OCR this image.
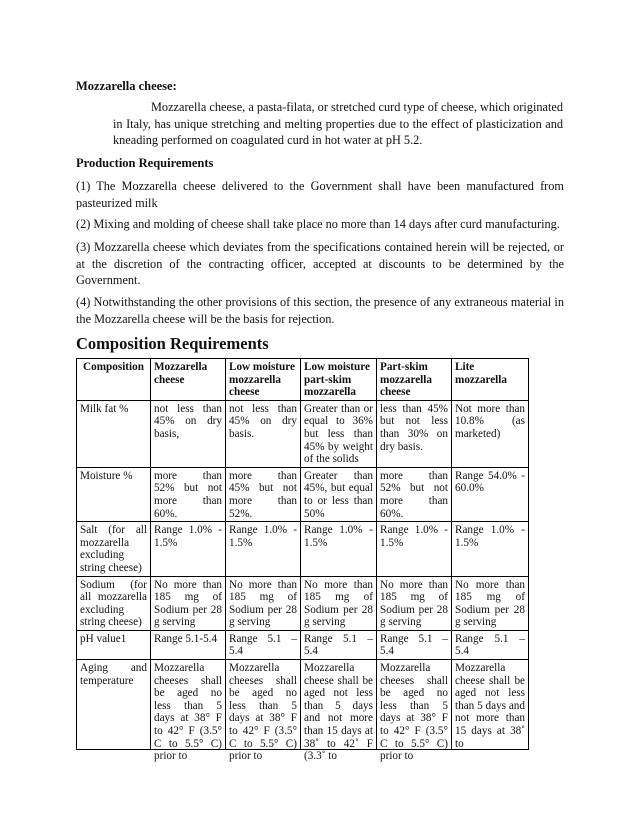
Mozzarella cheese:

Mozzarella cheese, a pasta-filata, or stretched curd type of cheese, which originated in Italy, has unique stretching and melting properties due to the effect of plasticization and kneading performed on coagulated curd in hot water at pH 5.2.

Production Requirements

(1) The Mozzarella cheese delivered to the Government shall have been manufactured from pasteurized milk

(2) Mixing and molding of cheese shall take place no more than 14 days after curd manufacturing.

(3) Mozzarella cheese which deviates from the specifications contained herein will be rejected, or at the discretion of the contracting officer, accepted at discounts to be determined by the Government.

(4) Notwithstanding the other provisions of this section, the presence of any extraneous material in the Mozzarella cheese will be the basis for rejection.

Composition Requirements
Composition	Mozzarella cheese	Low moisture mozzarella cheese	Low moisture part-skim mozzarella	Part-skim mozzarella cheese	Lite mozzarella
Milk fat %	not less than 45% on dry basis,	not less than 45% on dry basis.	Greater than or equal to 36% but less than 45% by weight of the solids	less than 45% but not less than 30% on dry basis.	Not more than 10.8% (as marketed)
Moisture %	more than 52% but not more than 60%.	more than 45% but not more than 52%.	Greater than 45%, but equal to or less than 50%	more than 52% but not more than 60%.	Range 54.0% - 60.0%
Salt (for all mozzarella excluding string cheese)	Range 1.0% - 1.5%	Range 1.0% - 1.5%	Range 1.0% - 1.5%	Range 1.0% - 1.5%	Range 1.0% - 1.5%
Sodium (for all mozzarella excluding string cheese)	No more than 185 mg of Sodium per 28 g serving	No more than 185 mg of Sodium per 28 g serving	No more than 185 mg of Sodium per 28 g serving	No more than 185 mg of Sodium per 28 g serving	No more than 185 mg of Sodium per 28 g serving
pH value1	Range 5.1-5.4	Range 5.1 – 5.4	Range 5.1 – 5.4	Range 5.1 – 5.4	Range 5.1 – 5.4

Aging and temperature	Mozzarella cheeses shall be aged no less than 5 days at 38° F to 42° F (3.5° C to 5.5° C) prior to	Mozzarella cheeses shall be aged no less than 5 days at 38° F to 42° F (3.5° C to 5.5° C) prior to	Mozzarella cheese shall be aged not less than 5 days and not more than 15 days at 38˚ to 42˚ F (3.3˚ to	Mozzarella cheeses shall be aged no less than 5 days at 38° F to 42° F (3.5° C to 5.5° C) prior to	Mozzarella cheese shall be aged not less than 5 days and not more than 15 days at 38˚ to
